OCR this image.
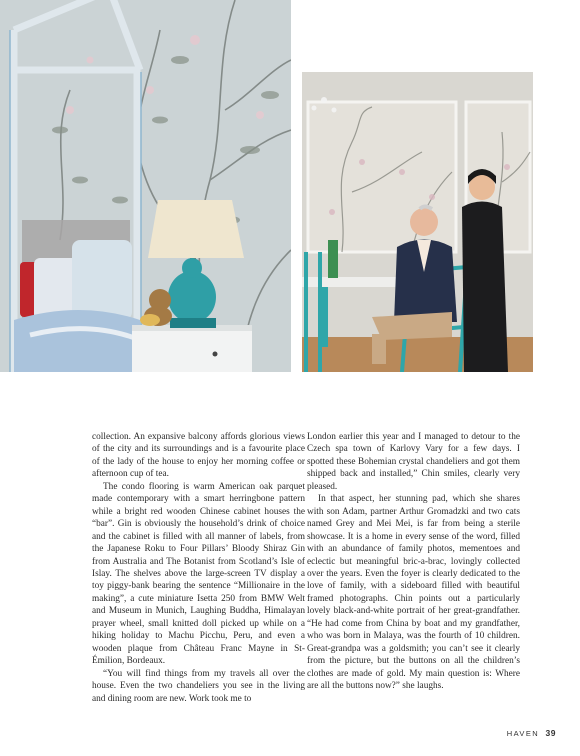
collection. An expansive balcony affords glorious views of the city and its surroundings and is a favourite place of the lady of the house to enjoy her morning coffee or afternoon cup of tea.

The condo flooring is warm American oak parquet made contemporary with a smart herringbone pattern while a bright red wooden Chinese cabinet houses the “bar”. Gin is obviously the household’s drink of choice and the cabinet is filled with all manner of labels, from the Japanese Roku to Four Pillars’ Bloody Shiraz Gin from Australia and The Botanist from Scotland’s Isle of Islay. The shelves above the large-screen TV display a toy piggy-bank bearing the sentence “Millionaire in the making”, a cute miniature Isetta 250 from BMW Welt and Museum in Munich, Laughing Buddha, Himalayan prayer wheel, small knitted doll picked up while on a hiking holiday to Machu Picchu, Peru, and even a wooden plaque from Château Franc Mayne in St-Émilion, Bordeaux.

“You will find things from my travels all over the house. Even the two chandeliers you see in the living and dining room are new. Work took me to

London earlier this year and I managed to detour to the Czech spa town of Karlovy Vary for a few days. I spotted these Bohemian crystal chandeliers and got them shipped back and installed,” Chin smiles, clearly very pleased.

In that aspect, her stunning pad, which she shares with son Adam, partner Arthur Gromadzki and two cats named Grey and Mei Mei, is far from being a sterile showcase. It is a home in every sense of the word, filled with an abundance of family photos, mementoes and eclectic but meaningful bric-a-brac, lovingly collected over the years. Even the foyer is clearly dedicated to the love of family, with a sideboard filled with beautiful framed photographs. Chin points out a particularly lovely black-and-white portrait of her great-grandfather. “He had come from China by boat and my grandfather, who was born in Malaya, was the fourth of 10 children. Great-grandpa was a goldsmith; you can’t see it clearly from the picture, but the buttons on all the children’s clothes are made of gold. My main question is: Where are all the buttons now?” she laughs.

HAVEN 39
